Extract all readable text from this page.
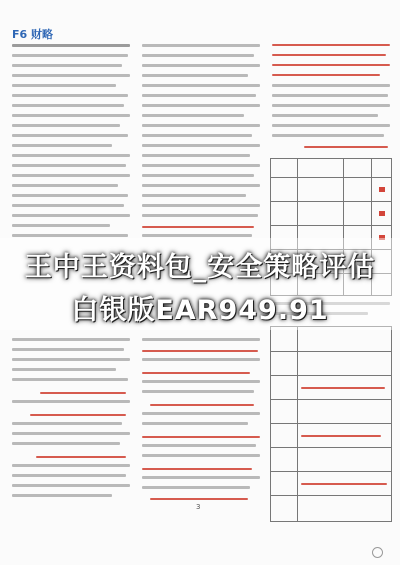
F6 财略
3
王中王资料包_安全策略评估
白银版EAR949.91
